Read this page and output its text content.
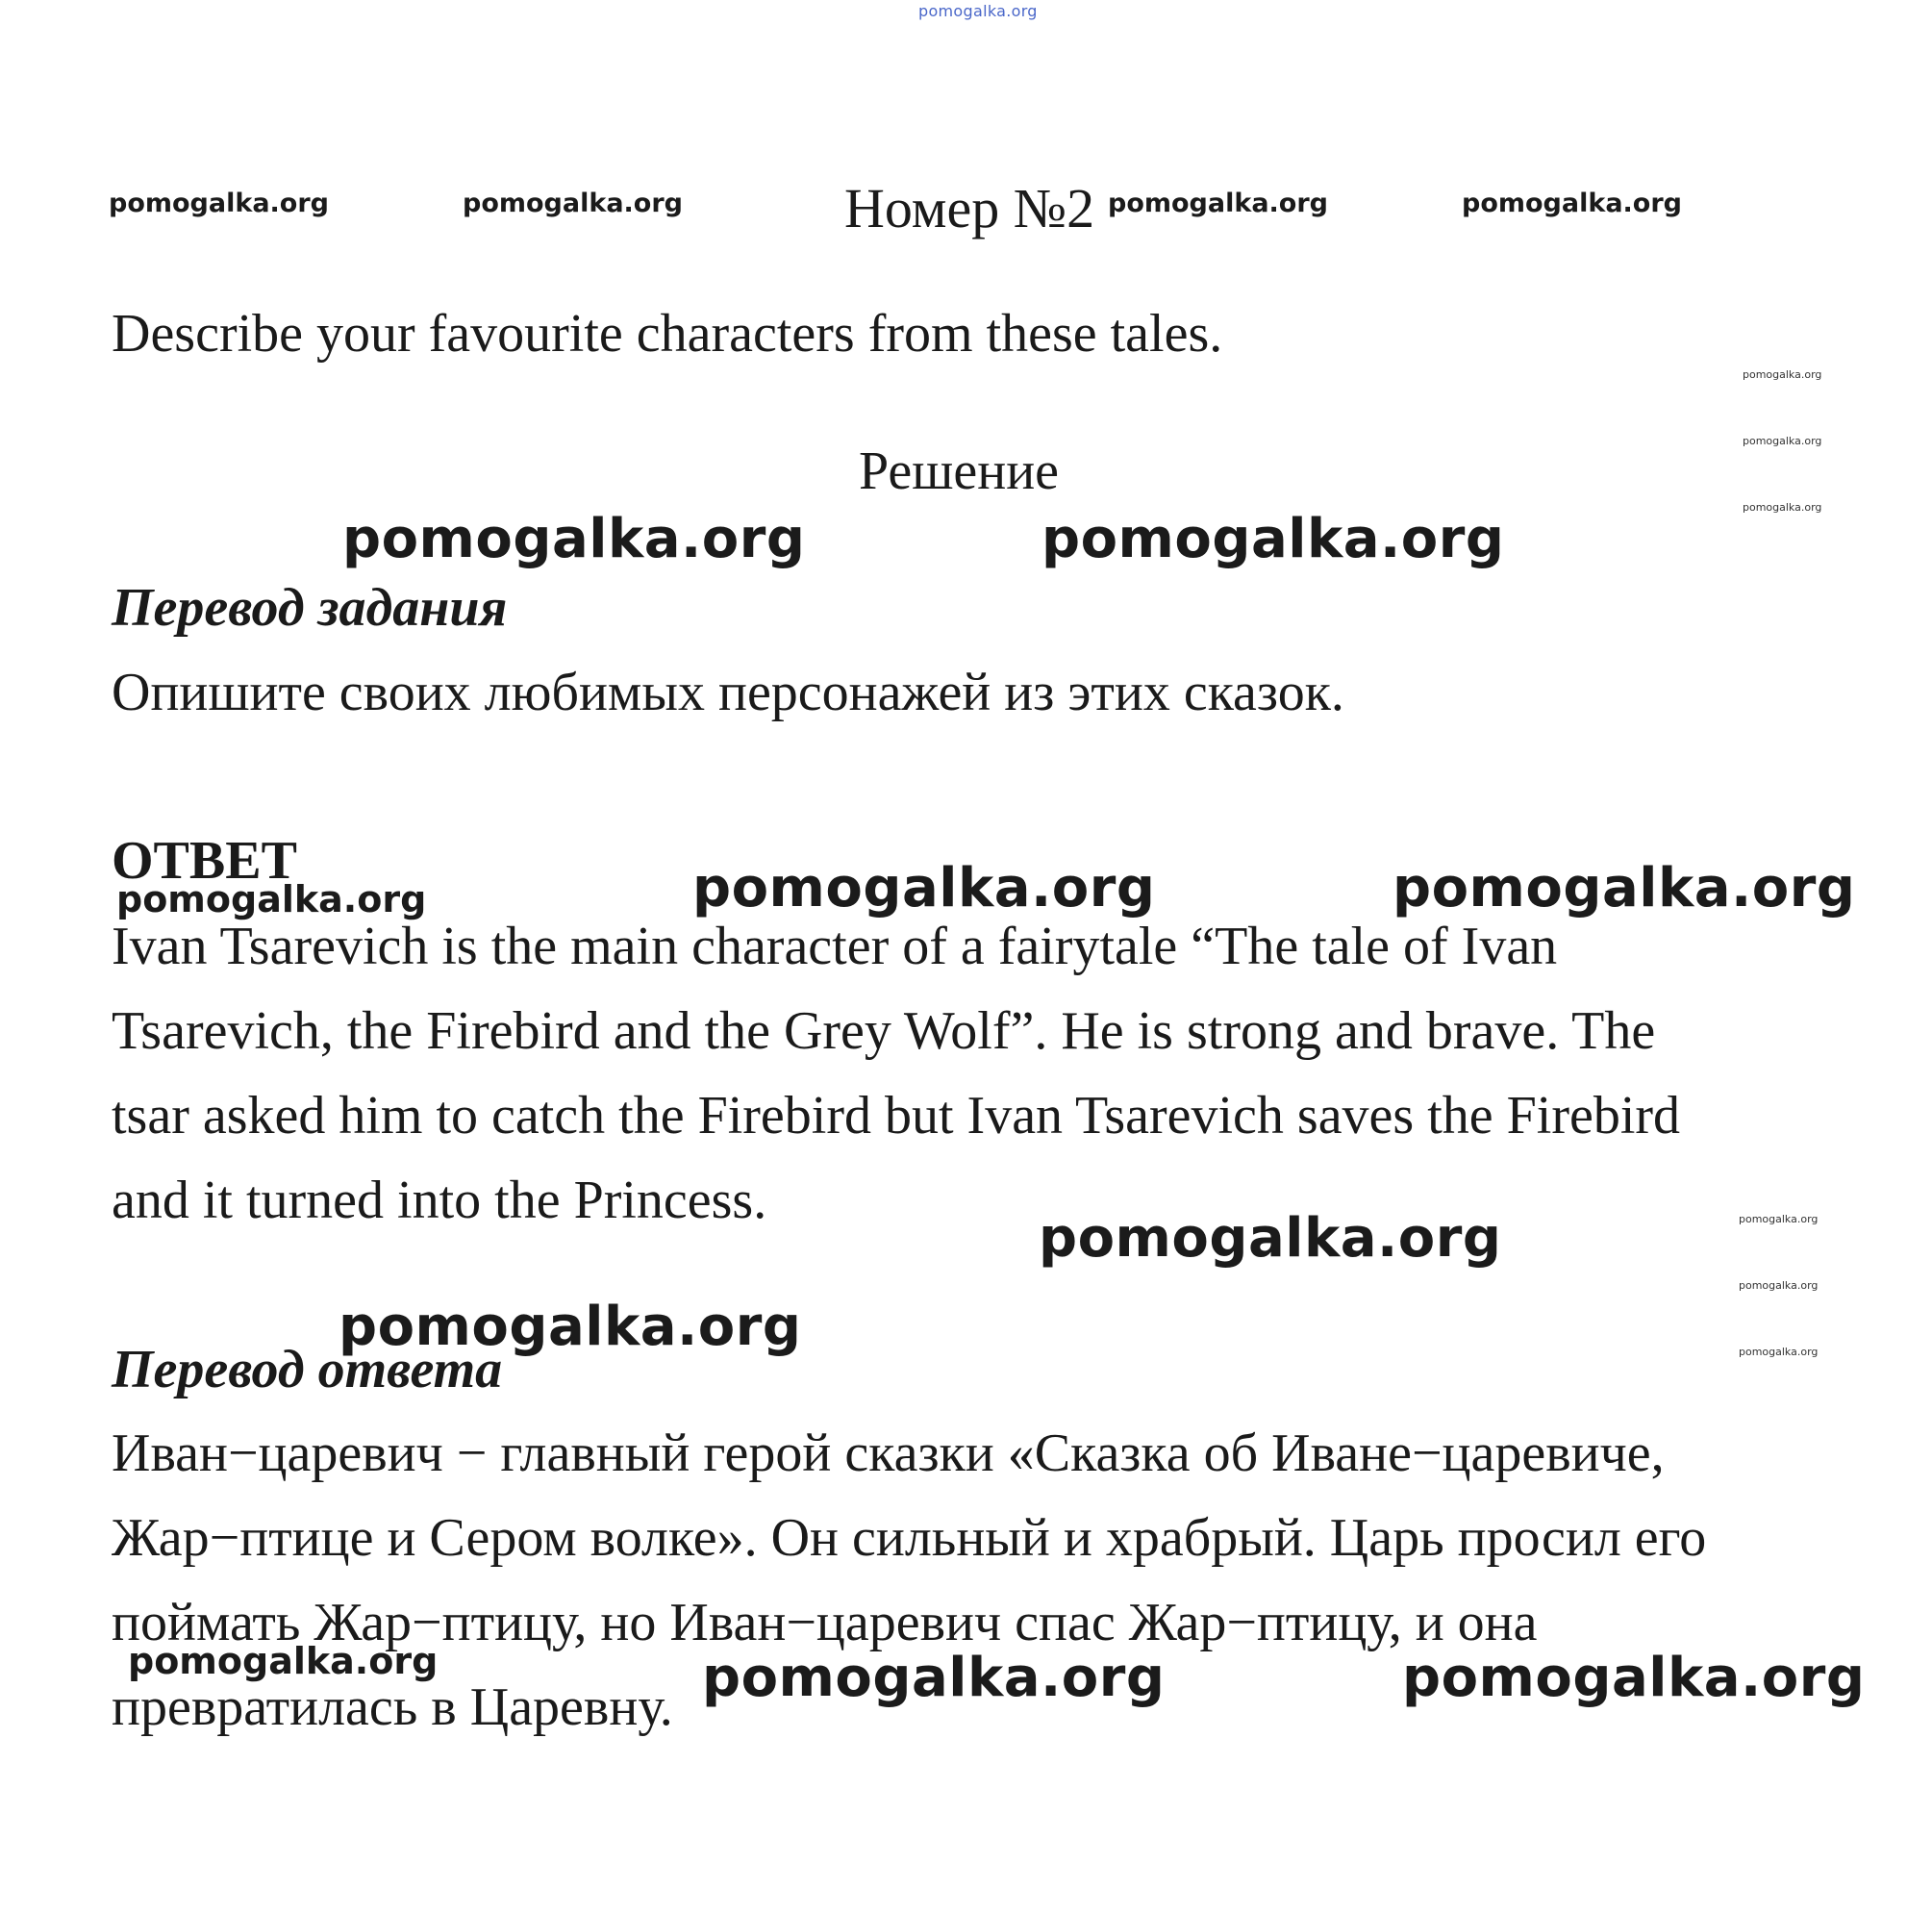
pomogalka.org
pomogalka.org	pomogalka.org	pomogalka.org	pomogalka.org
Номер №2
Describe your favourite characters from these tales.
pomogalka.org
pomogalka.org
pomogalka.org
Решение
pomogalka.org	pomogalka.org
Перевод задания
Опишите своих любимых персонажей из этих сказок.
ОТВЕТ
pomogalka.org	pomogalka.org	pomogalka.org
Ivan Tsarevich is the main character of a fairytale “The tale of Ivan
Tsarevich, the Firebird and the Grey Wolf”. He is strong and brave. The
tsar asked him to catch the Firebird but Ivan Tsarevich saves the Firebird
and it turned into the Princess.
pomogalka.org	pomogalka.org
pomogalka.org
pomogalka.org
Перевод ответа
pomogalka.org
Иван−царевич − главный герой сказки «Сказка об Иване−царевиче,
Жар−птице и Сером волке». Он сильный и храбрый. Царь просил его
поймать Жар−птицу, но Иван−царевич спас Жар−птицу, и она
превратилась в Царевну.
pomogalka.org	pomogalka.org	pomogalka.org
